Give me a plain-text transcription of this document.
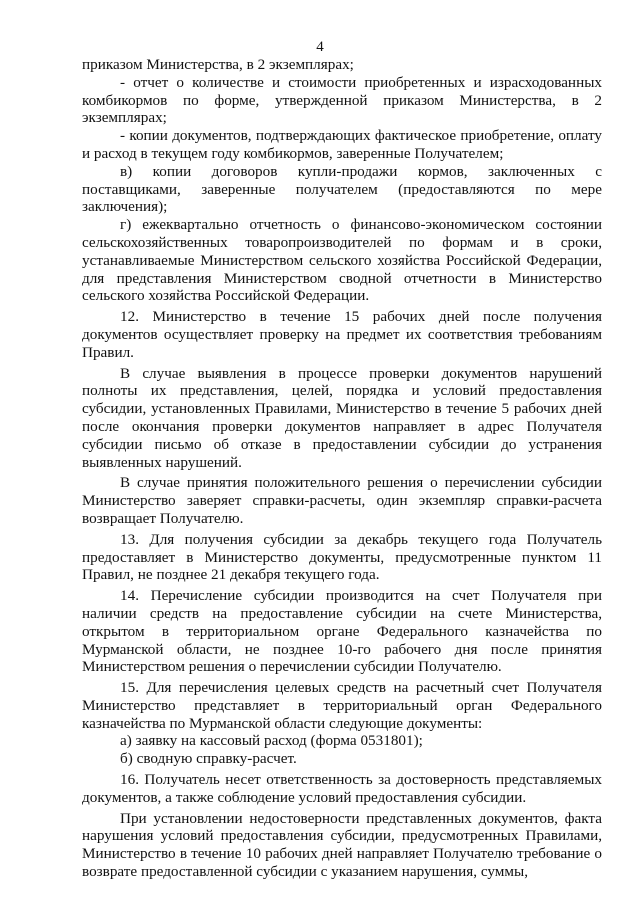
4

приказом Министерства, в 2 экземплярах;

- отчет о количестве и стоимости приобретенных и израсходованных комбикормов по форме, утвержденной приказом Министерства, в 2 экземплярах;

- копии документов, подтверждающих фактическое приобретение, оплату и расход в текущем году комбикормов, заверенные Получателем;

в) копии договоров купли-продажи кормов, заключенных с поставщиками, заверенные получателем (предоставляются по мере заключения);

г) ежеквартально отчетность о финансово-экономическом состоянии сельскохозяйственных товаропроизводителей по формам и в сроки, устанавливаемые Министерством сельского хозяйства Российской Федерации, для представления Министерством сводной отчетности в Министерство сельского хозяйства Российской Федерации.

12. Министерство в течение 15 рабочих дней после получения документов осуществляет проверку на предмет их соответствия требованиям Правил.

В случае выявления в процессе проверки документов нарушений полноты их представления, целей, порядка и условий предоставления субсидии, установленных Правилами, Министерство в течение 5 рабочих дней после окончания проверки документов направляет в адрес Получателя субсидии письмо об отказе в предоставлении субсидии до устранения выявленных нарушений.

В случае принятия положительного решения о перечислении субсидии Министерство заверяет справки-расчеты, один экземпляр справки-расчета возвращает Получателю.

13. Для получения субсидии за декабрь текущего года Получатель предоставляет в Министерство документы, предусмотренные пунктом 11 Правил, не позднее 21 декабря текущего года.

14. Перечисление субсидии производится на счет Получателя при наличии средств на предоставление субсидии на счете Министерства, открытом в территориальном органе Федерального казначейства по Мурманской области, не позднее 10-го рабочего дня после принятия Министерством решения о перечислении субсидии Получателю.

15. Для перечисления целевых средств на расчетный счет Получателя Министерство представляет в территориальный орган Федерального казначейства по Мурманской области следующие документы:

а) заявку на кассовый расход (форма 0531801);

б) сводную справку-расчет.

16. Получатель несет ответственность за достоверность представляемых документов, а также соблюдение условий предоставления субсидии.

При установлении недостоверности представленных документов, факта нарушения условий предоставления субсидии, предусмотренных Правилами, Министерство в течение 10 рабочих дней направляет Получателю требование о возврате предоставленной субсидии с указанием нарушения, суммы,
